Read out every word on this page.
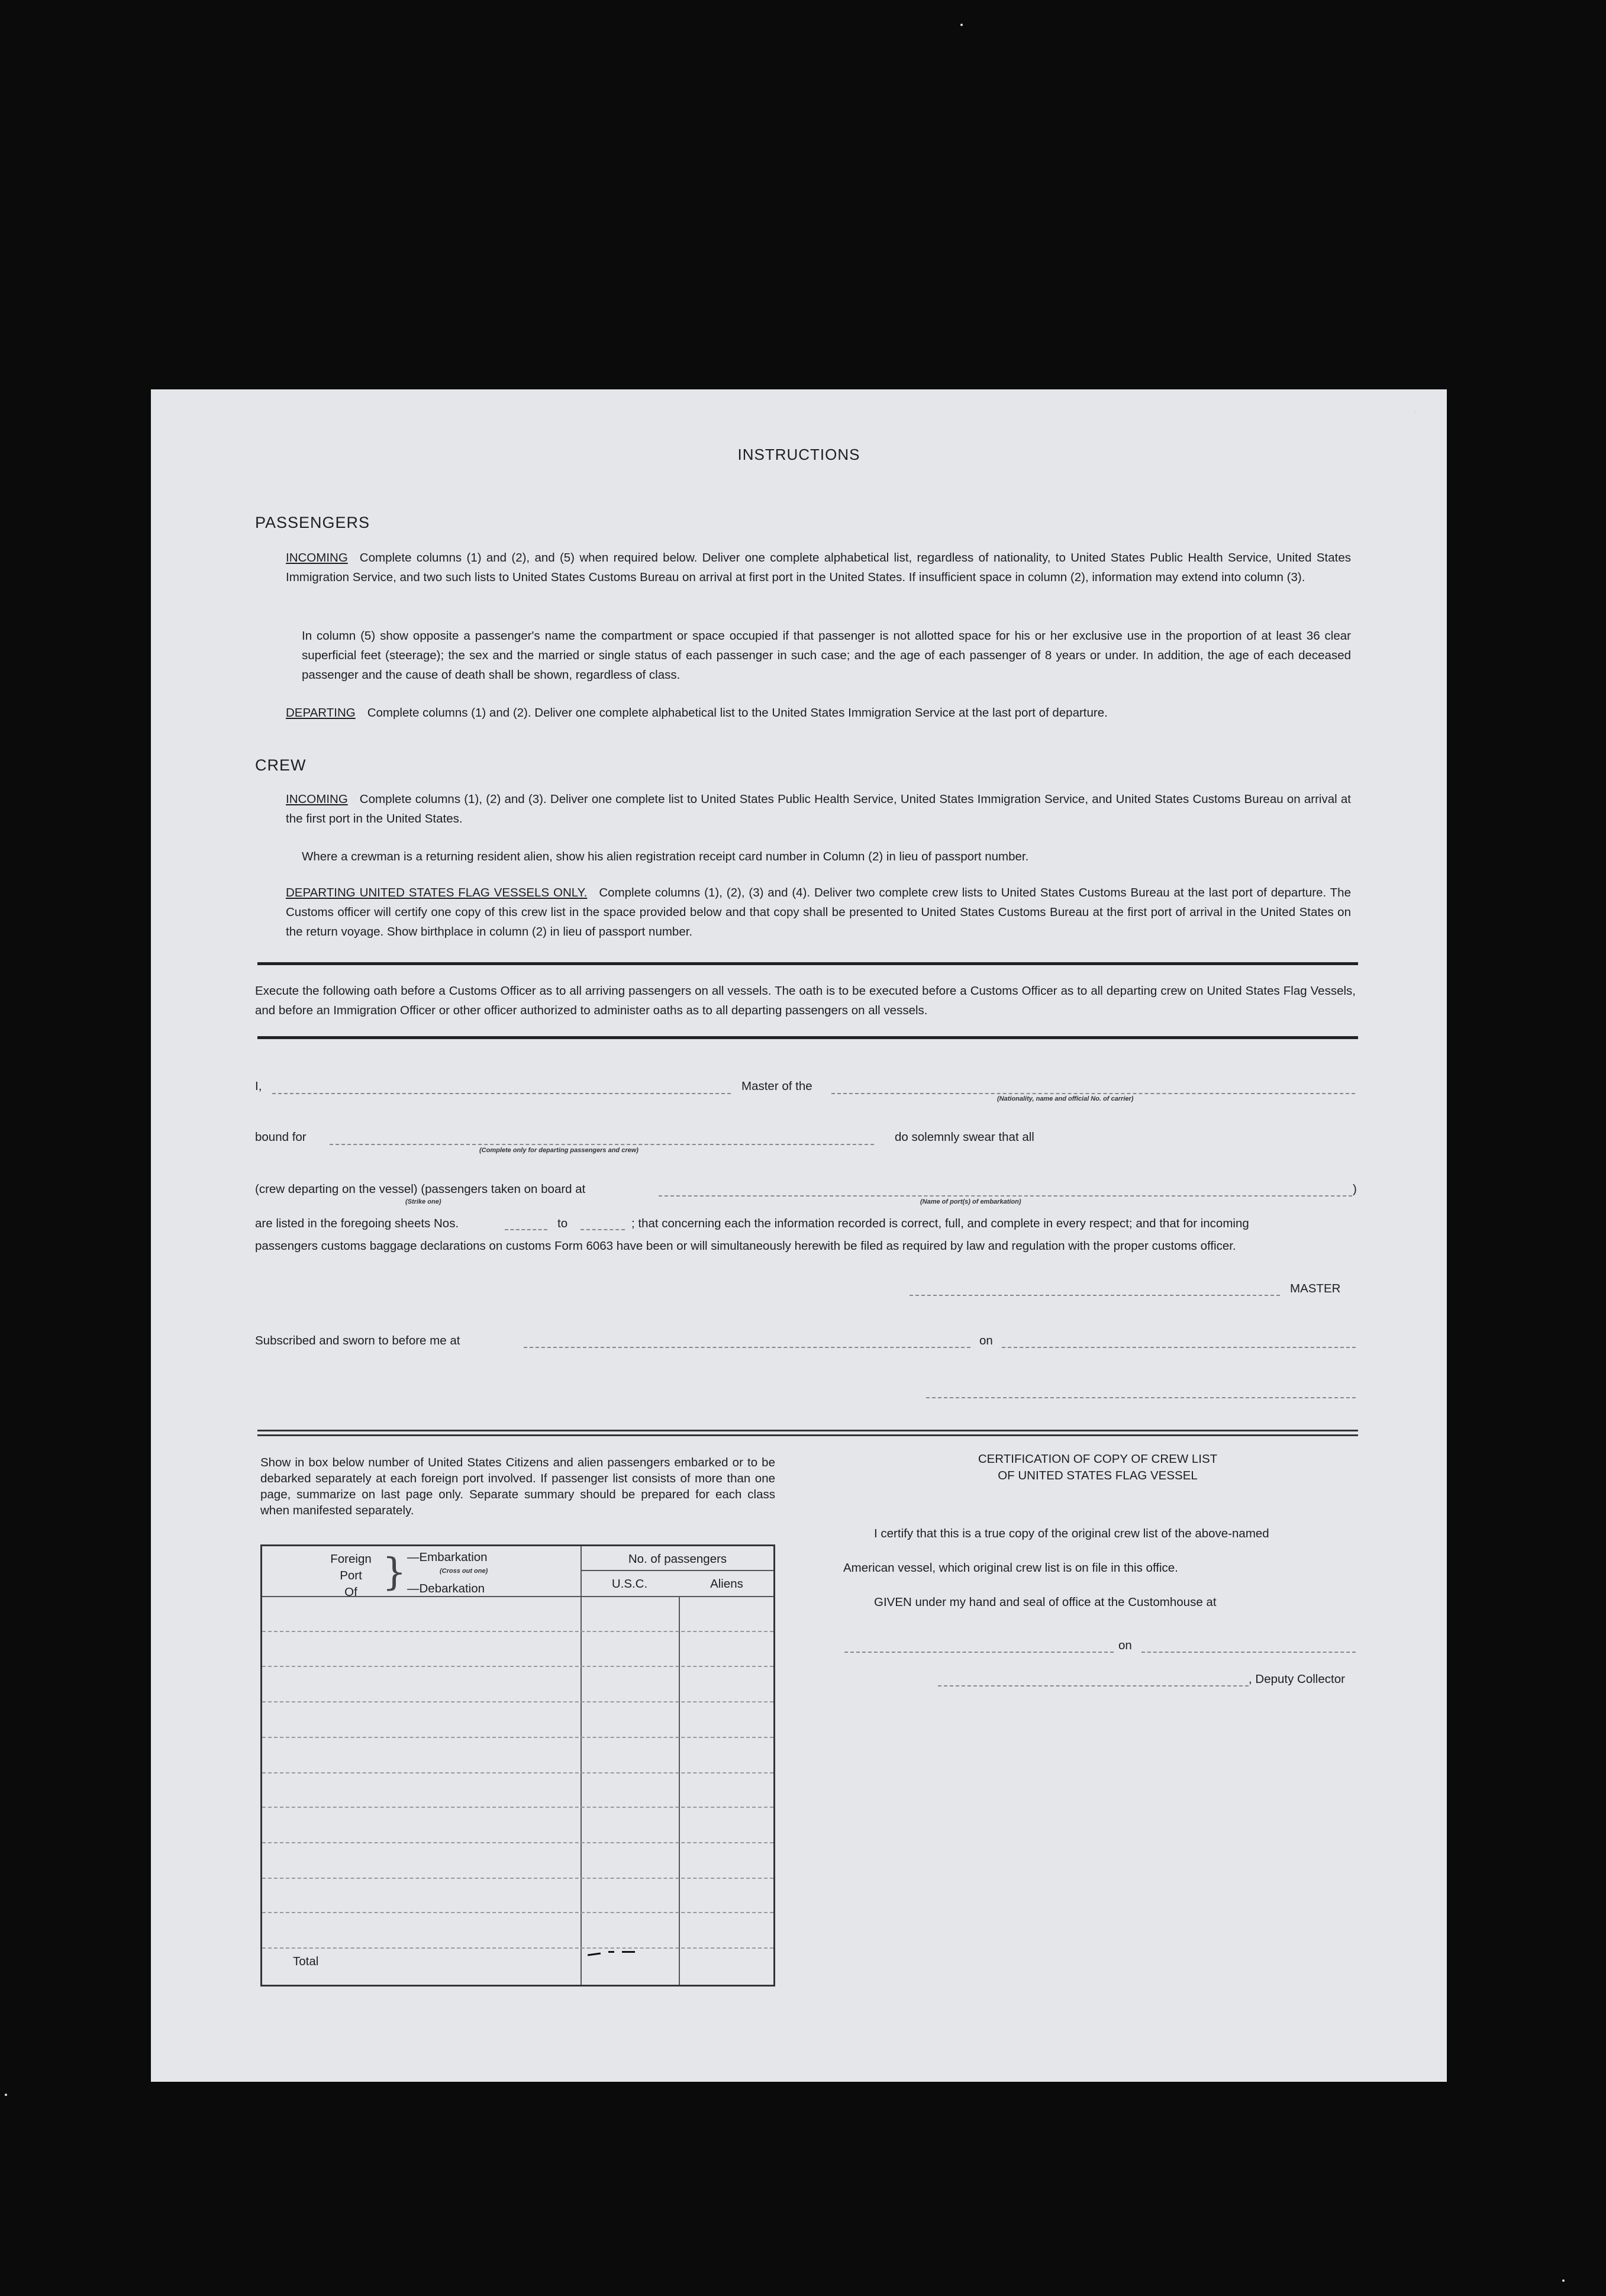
INSTRUCTIONS
PASSENGERS
INCOMING Complete columns (1) and (2), and (5) when required below. Deliver one complete alphabetical list, regardless of nationality, to United States Public Health Service, United States Immigration Service, and two such lists to United States Customs Bureau on arrival at first port in the United States. If insufficient space in column (2), information may extend into column (3).
In column (5) show opposite a passenger's name the compartment or space occupied if that passenger is not allotted space for his or her exclusive use in the proportion of at least 36 clear superficial feet (steerage); the sex and the married or single status of each passenger in such case; and the age of each passenger of 8 years or under. In addition, the age of each deceased passenger and the cause of death shall be shown, regardless of class.
DEPARTING Complete columns (1) and (2). Deliver one complete alphabetical list to the United States Immigration Service at the last port of departure.
CREW
INCOMING Complete columns (1), (2) and (3). Deliver one complete list to United States Public Health Service, United States Immigration Service, and United States Customs Bureau on arrival at the first port in the United States.
Where a crewman is a returning resident alien, show his alien registration receipt card number in Column (2) in lieu of passport number.
DEPARTING UNITED STATES FLAG VESSELS ONLY. Complete columns (1), (2), (3) and (4). Deliver two complete crew lists to United States Customs Bureau at the last port of departure. The Customs officer will certify one copy of this crew list in the space provided below and that copy shall be presented to United States Customs Bureau at the first port of arrival in the United States on the return voyage. Show birthplace in column (2) in lieu of passport number.
Execute the following oath before a Customs Officer as to all arriving passengers on all vessels. The oath is to be executed before a Customs Officer as to all departing crew on United States Flag Vessels, and before an Immigration Officer or other officer authorized to administer oaths as to all departing passengers on all vessels.
I,	Master of the
(Nationality, name and official No. of carrier)
bound for
(Complete only for departing passengers and crew)
do solemnly swear that all
(crew departing on the vessel) (passengers taken on board at	)
(Strike one)	(Name of port(s) of embarkation)
are listed in the foregoing sheets Nos.	to	; that concerning each the information recorded is correct, full, and complete in every respect; and that for incoming
passengers customs baggage declarations on customs Form 6063 have been or will simultaneously herewith be filed as required by law and regulation with the proper customs officer.
MASTER
Subscribed and sworn to before me at	on
Show in box below number of United States Citizens and alien passengers embarked or to be debarked separately at each foreign port involved. If passenger list consists of more than one page, summarize on last page only. Separate summary should be prepared for each class when manifested separately.
Foreign
Port
Of } —Embarkation
(Cross out one)
—Debarkation
No. of passengers
U.S.C.	Aliens
Total
CERTIFICATION OF COPY OF CREW LIST
OF UNITED STATES FLAG VESSEL
I certify that this is a true copy of the original crew list of the above-named
American vessel, which original crew list is on file in this office.
GIVEN under my hand and seal of office at the Customhouse at
on
, Deputy Collector
